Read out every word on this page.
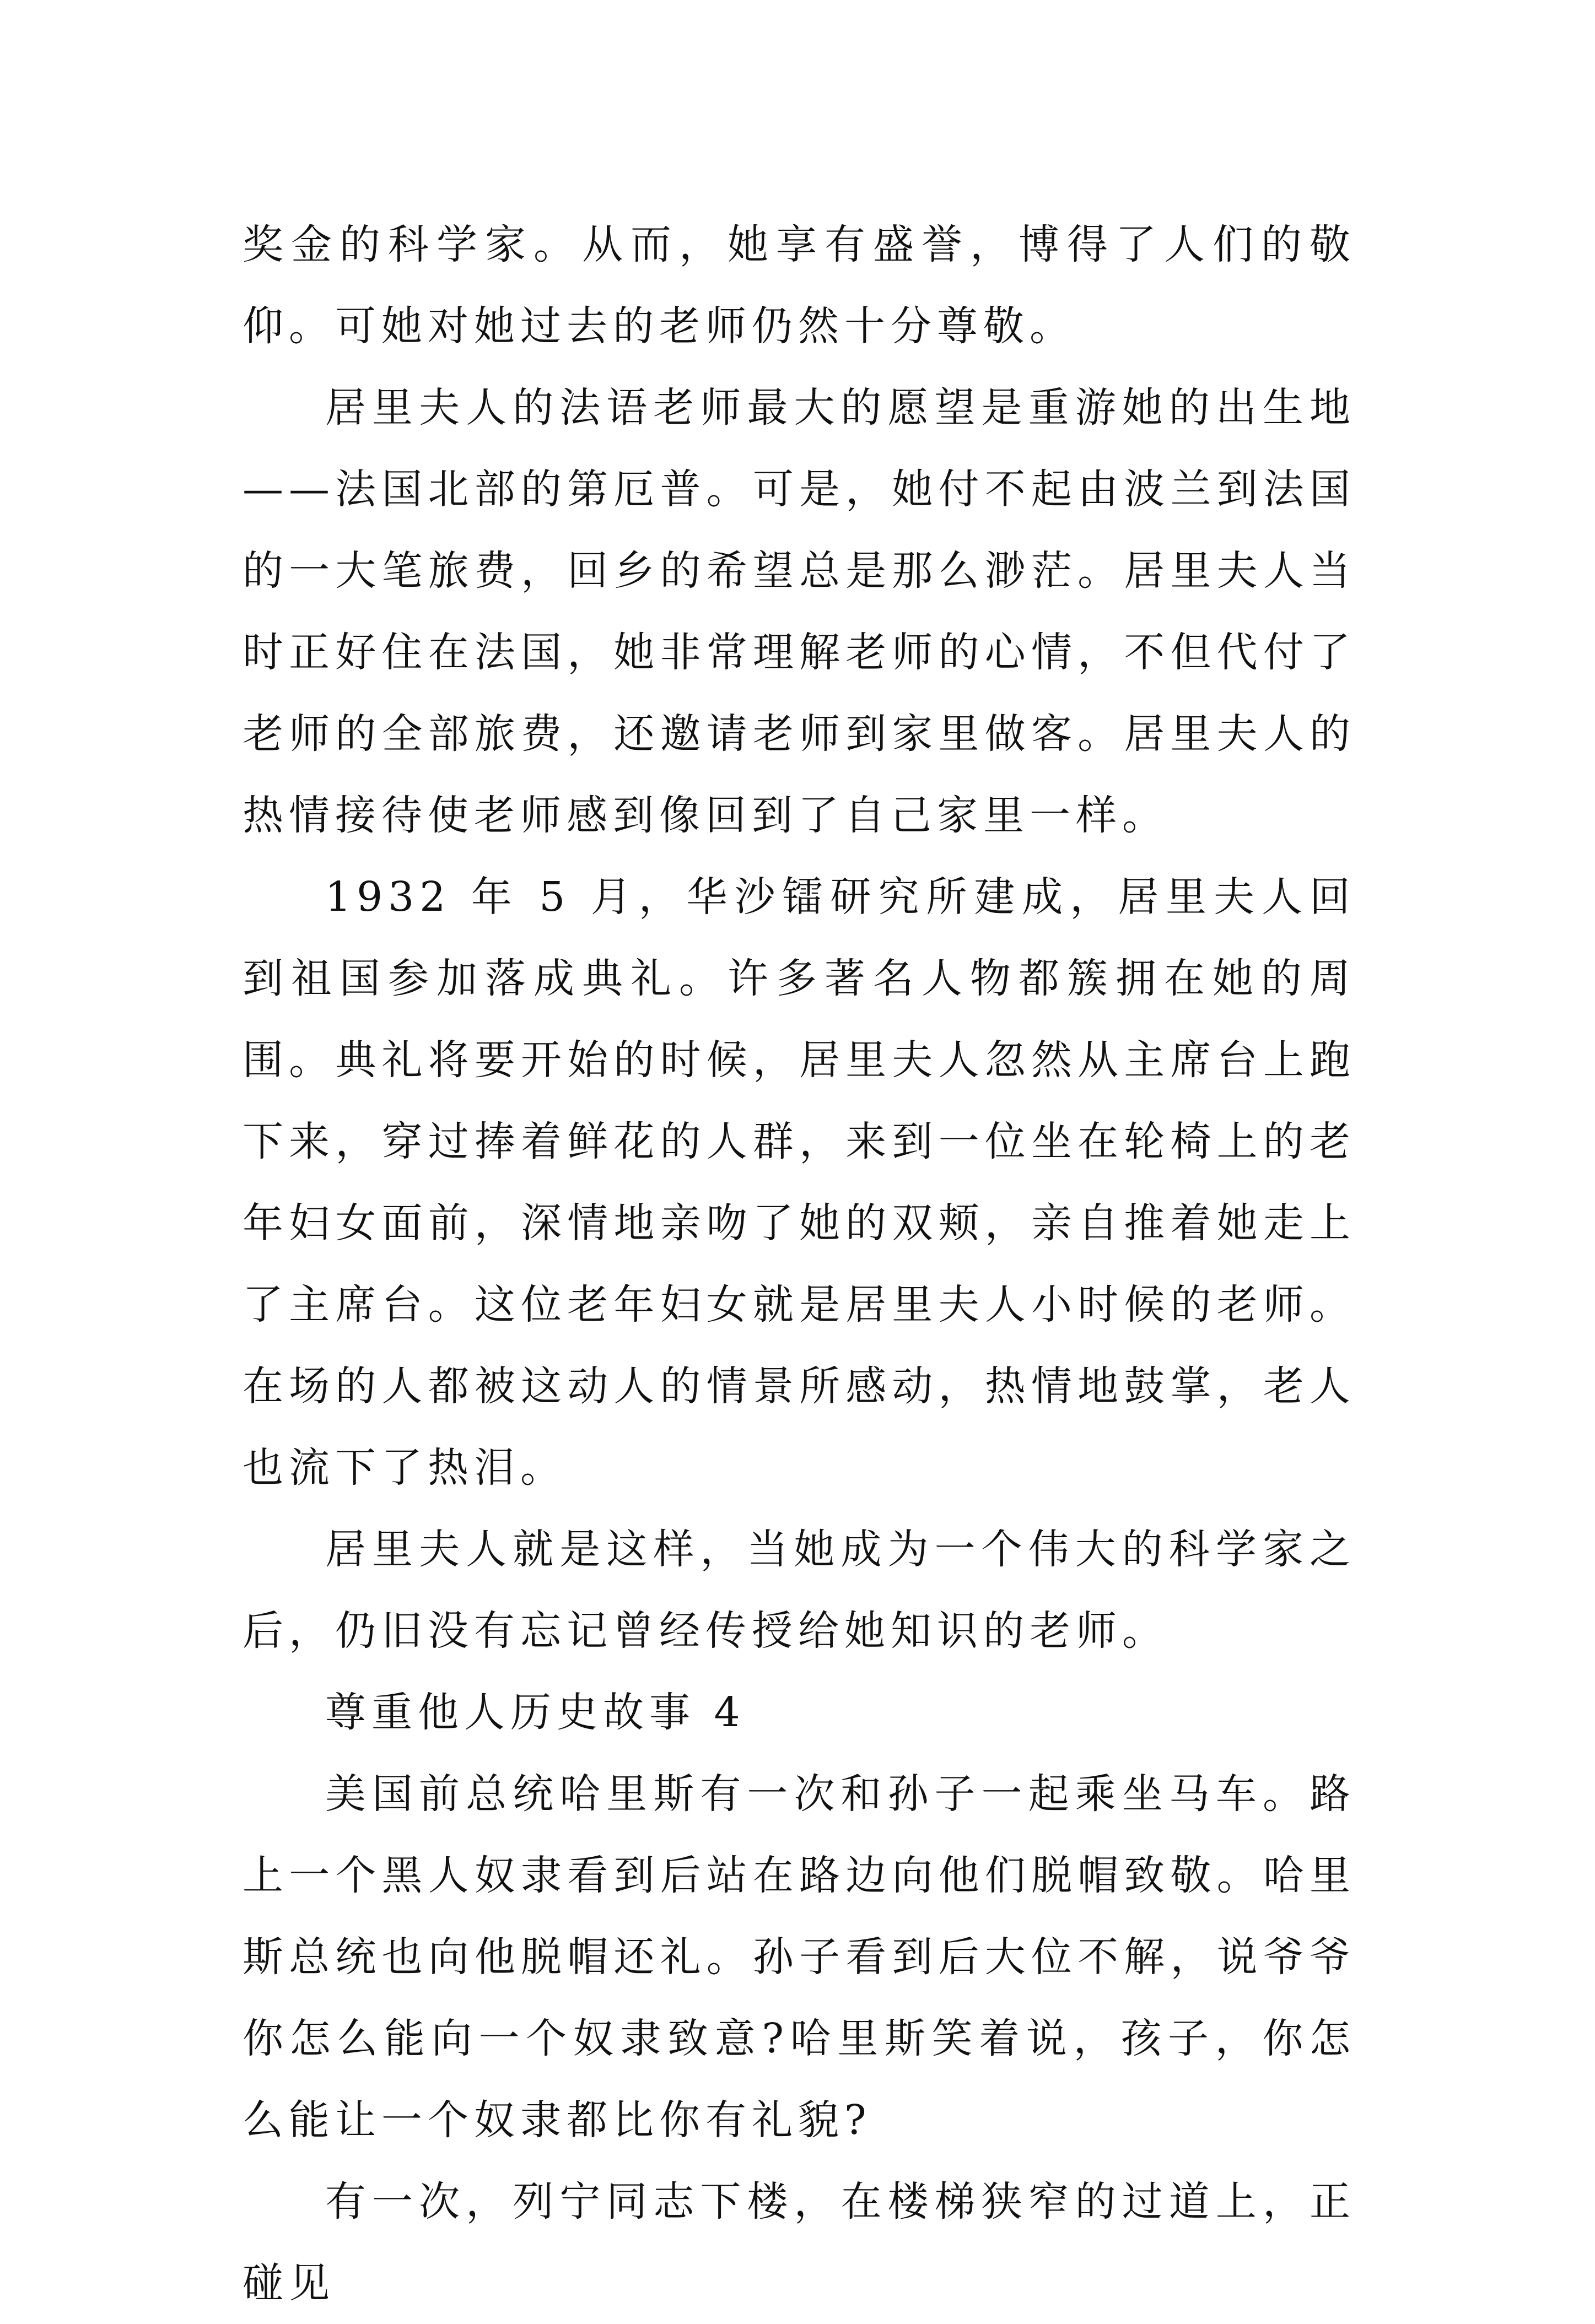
奖金的科学家。从而，她享有盛誉，博得了人们的敬仰。可她对她过去的老师仍然十分尊敬。

居里夫人的法语老师最大的愿望是重游她的出生地——法国北部的第厄普。可是，她付不起由波兰到法国的一大笔旅费，回乡的希望总是那么渺茫。居里夫人当时正好住在法国，她非常理解老师的心情，不但代付了老师的全部旅费，还邀请老师到家里做客。居里夫人的热情接待使老师感到像回到了自己家里一样。

1932 年 5 月，华沙镭研究所建成，居里夫人回到祖国参加落成典礼。许多著名人物都簇拥在她的周围。典礼将要开始的时候，居里夫人忽然从主席台上跑下来，穿过捧着鲜花的人群，来到一位坐在轮椅上的老年妇女面前，深情地亲吻了她的双颊，亲自推着她走上了主席台。这位老年妇女就是居里夫人小时候的老师。在场的人都被这动人的情景所感动，热情地鼓掌，老人也流下了热泪。

居里夫人就是这样，当她成为一个伟大的科学家之后，仍旧没有忘记曾经传授给她知识的老师。

尊重他人历史故事 4

美国前总统哈里斯有一次和孙子一起乘坐马车。路上一个黑人奴隶看到后站在路边向他们脱帽致敬。哈里斯总统也向他脱帽还礼。孙子看到后大位不解，说爷爷你怎么能向一个奴隶致意?哈里斯笑着说，孩子，你怎么能让一个奴隶都比你有礼貌?

有一次，列宁同志下楼，在楼梯狭窄的过道上，正碰见
